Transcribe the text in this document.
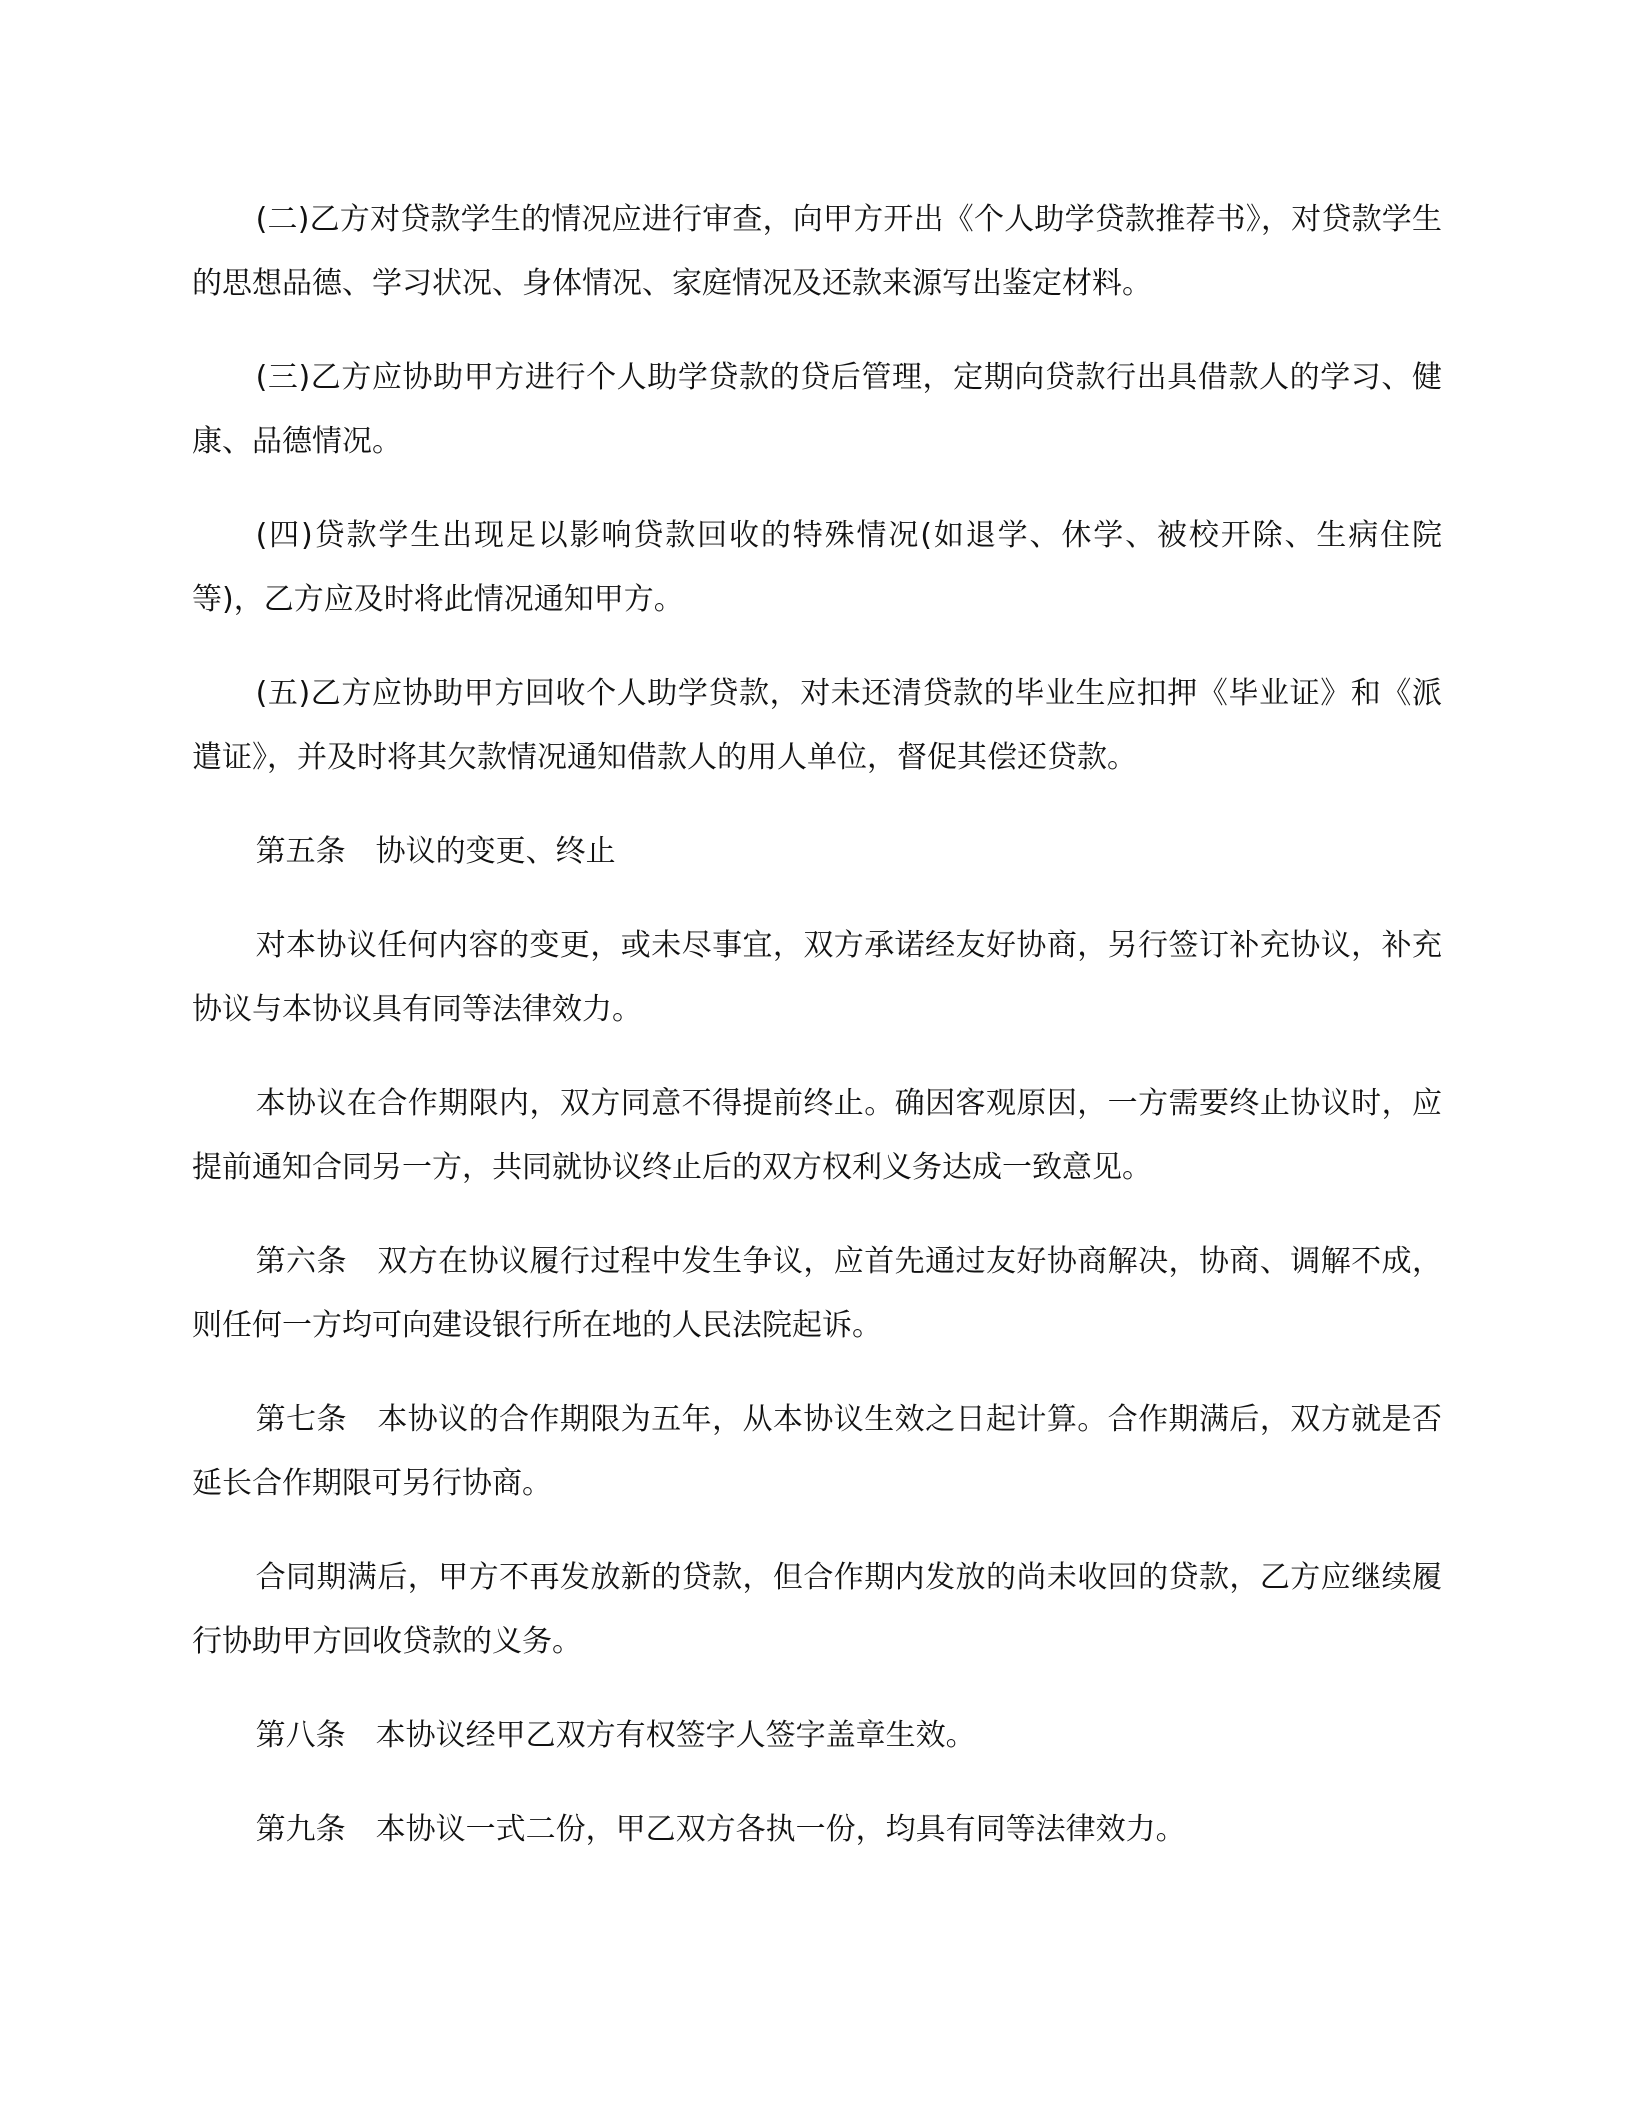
(二)乙方对贷款学生的情况应进行审查，向甲方开出《个人助学贷款推荐书》，对贷款学生的思想品德、学习状况、身体情况、家庭情况及还款来源写出鉴定材料。

(三)乙方应协助甲方进行个人助学贷款的贷后管理，定期向贷款行出具借款人的学习、健康、品德情况。

(四)贷款学生出现足以影响贷款回收的特殊情况(如退学、休学、被校开除、生病住院等)，乙方应及时将此情况通知甲方。

(五)乙方应协助甲方回收个人助学贷款，对未还清贷款的毕业生应扣押《毕业证》和《派遣证》，并及时将其欠款情况通知借款人的用人单位，督促其偿还贷款。

第五条 协议的变更、终止

对本协议任何内容的变更，或未尽事宜，双方承诺经友好协商，另行签订补充协议，补充协议与本协议具有同等法律效力。

本协议在合作期限内，双方同意不得提前终止。确因客观原因，一方需要终止协议时，应提前通知合同另一方，共同就协议终止后的双方权利义务达成一致意见。

第六条 双方在协议履行过程中发生争议，应首先通过友好协商解决，协商、调解不成，则任何一方均可向建设银行所在地的人民法院起诉。

第七条 本协议的合作期限为五年，从本协议生效之日起计算。合作期满后，双方就是否延长合作期限可另行协商。

合同期满后，甲方不再发放新的贷款，但合作期内发放的尚未收回的贷款，乙方应继续履行协助甲方回收贷款的义务。

第八条 本协议经甲乙双方有权签字人签字盖章生效。

第九条 本协议一式二份，甲乙双方各执一份，均具有同等法律效力。
